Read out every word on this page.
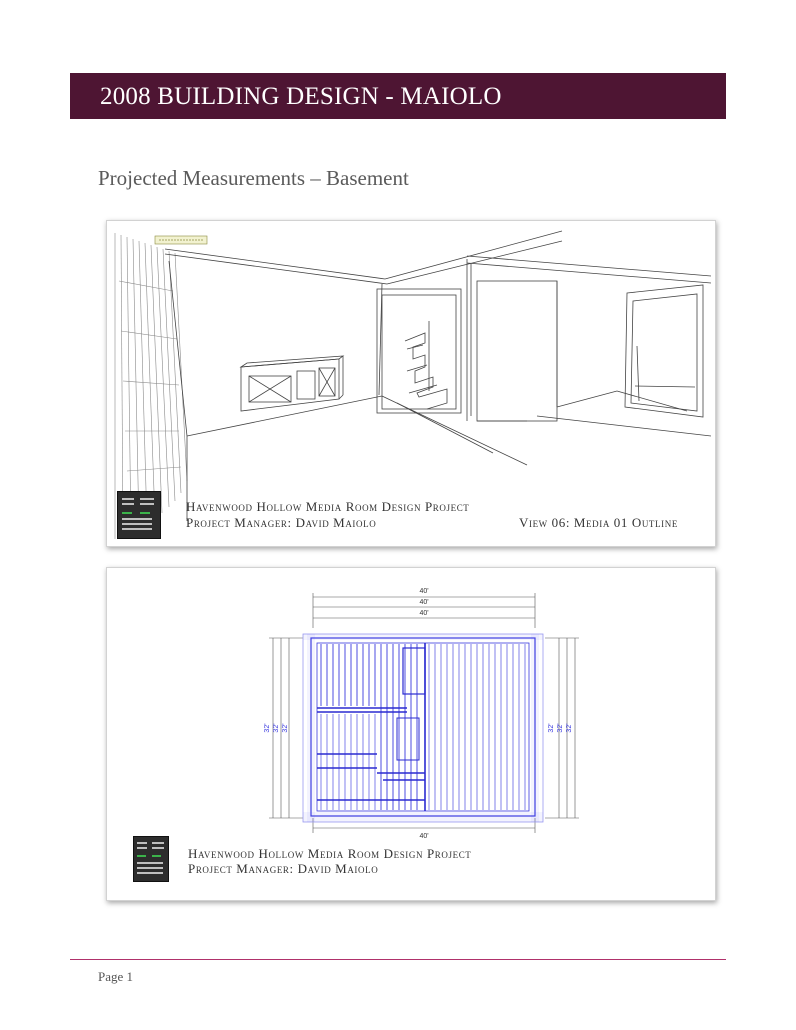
2008 BUILDING DESIGN - MAIOLO
Projected Measurements – Basement
Havenwood Hollow Media Room Design Project
Project Manager: David Maiolo	View 06: Media 01 Outline
40'
40'
40'
40'
32' 32' 32'	32' 32' 32'
Havenwood Hollow Media Room Design Project
Project Manager: David Maiolo
Page 1
